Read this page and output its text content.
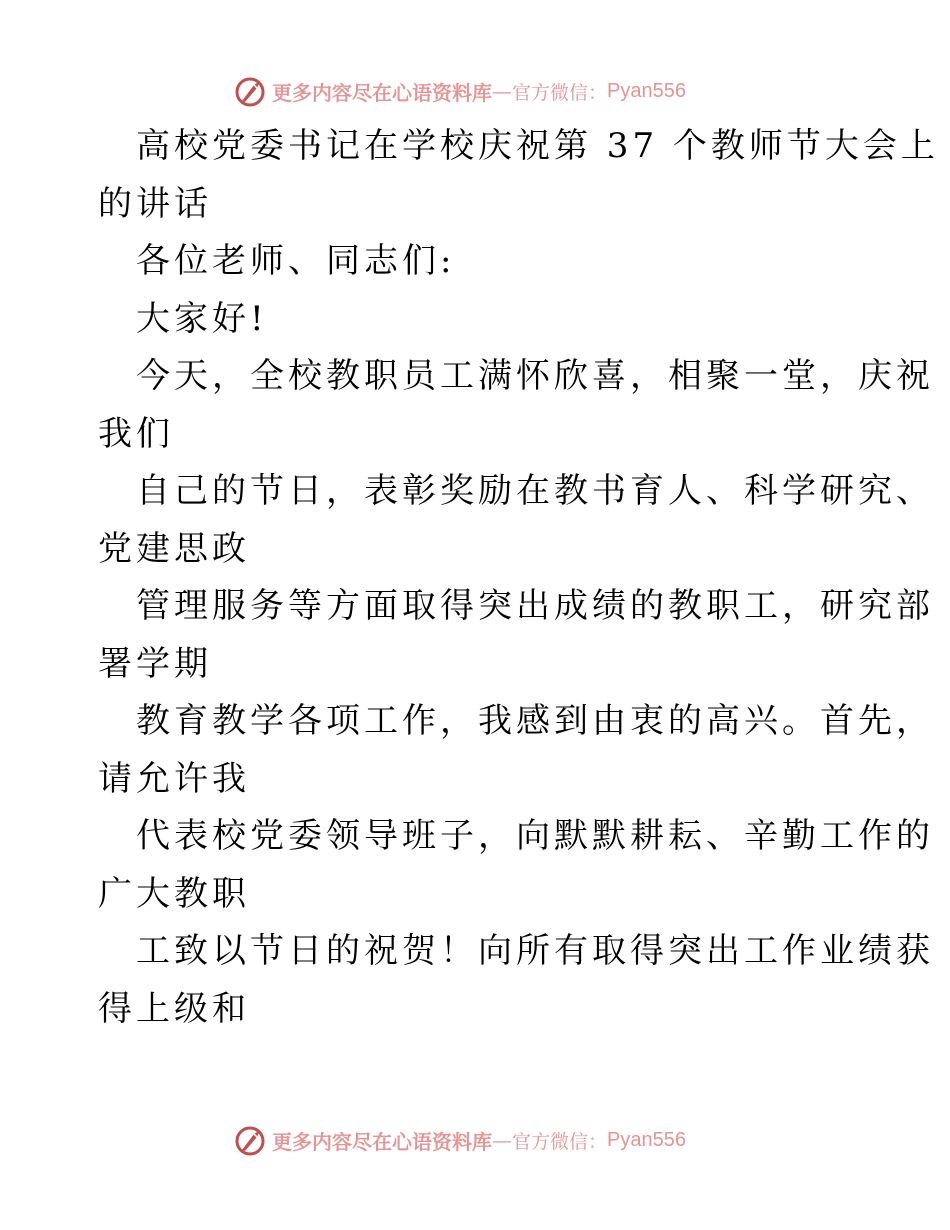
更多内容尽在心语资料库 — 官方微信： Pyan556
高校党委书记在学校庆祝第 37 个教师节大会上
的讲话
各位老师、同志们:
大家好!
今天，全校教职员工满怀欣喜，相聚一堂，庆祝
我们
自己的节日，表彰奖励在教书育人、科学研究、
党建思政
管理服务等方面取得突出成绩的教职工，研究部
署学期
教育教学各项工作，我感到由衷的高兴。首先，
请允许我
代表校党委领导班子，向默默耕耘、辛勤工作的
广大教职
工致以节日的祝贺！向所有取得突出工作业绩获
得上级和
更多内容尽在心语资料库 — 官方微信： Pyan556
